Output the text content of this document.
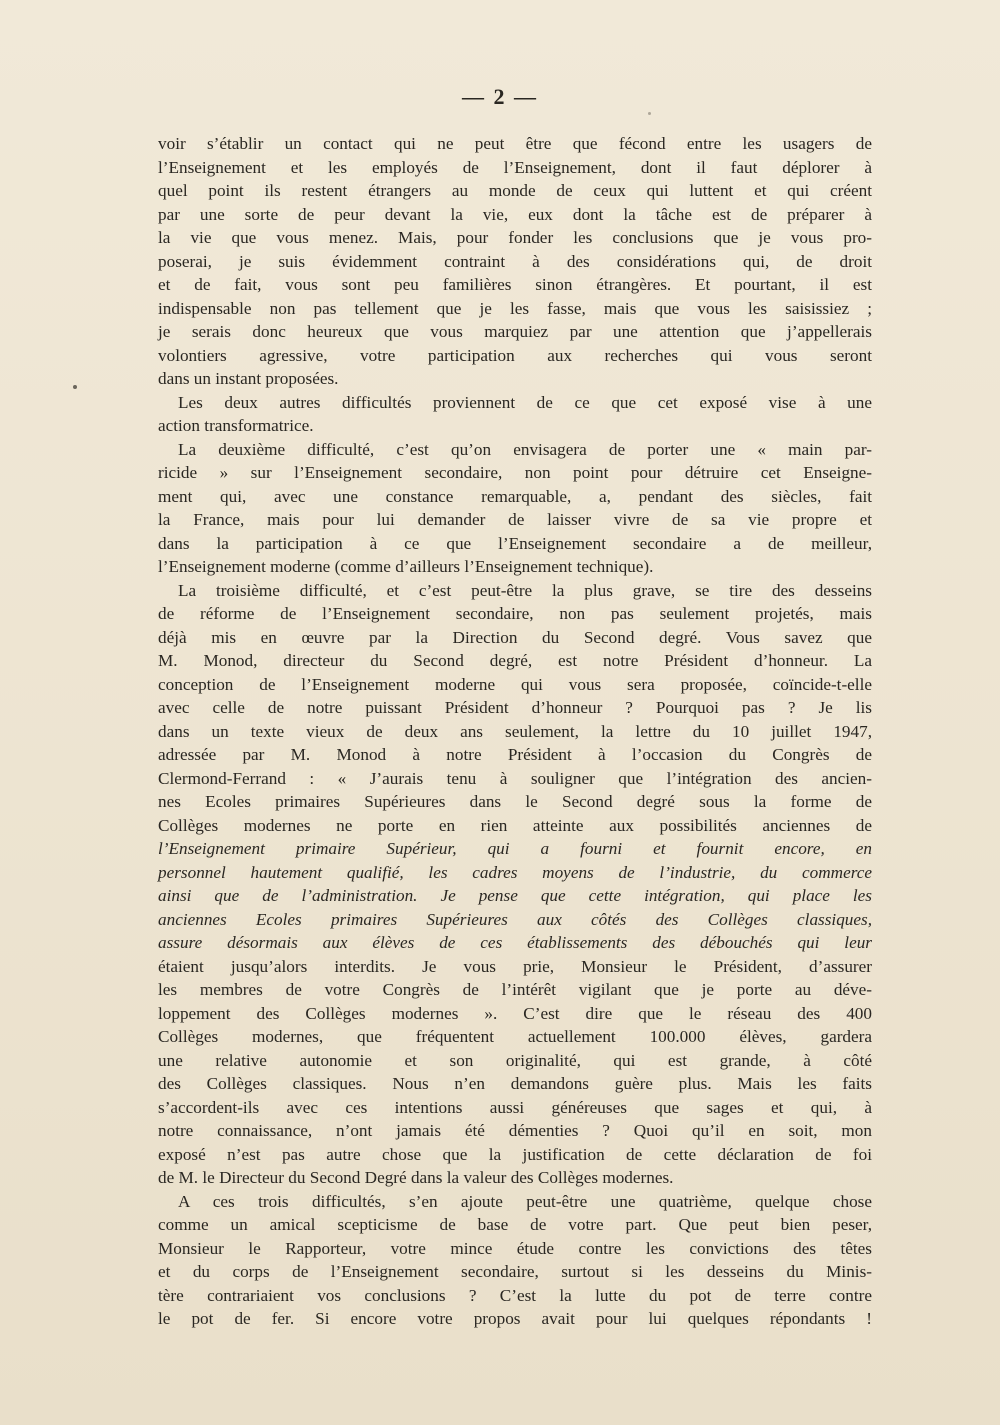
— 2 —

voir s’établir un contact qui ne peut être que fécond entre les usagers de

l’Enseignement et les employés de l’Enseignement, dont il faut déplorer à

quel point ils restent étrangers au monde de ceux qui luttent et qui créent

par une sorte de peur devant la vie, eux dont la tâche est de préparer à

la vie que vous menez. Mais, pour fonder les conclusions que je vous pro-

poserai, je suis évidemment contraint à des considérations qui, de droit

et de fait, vous sont peu familières sinon étrangères. Et pourtant, il est

indispensable non pas tellement que je les fasse, mais que vous les saisissiez ;

je serais donc heureux que vous marquiez par une attention que j’appellerais

volontiers agressive, votre participation aux recherches qui vous seront

dans un instant proposées.

Les deux autres difficultés proviennent de ce que cet exposé vise à une

action transformatrice.

La deuxième difficulté, c’est qu’on envisagera de porter une « main par-

ricide » sur l’Enseignement secondaire, non point pour détruire cet Enseigne-

ment qui, avec une constance remarquable, a, pendant des siècles, fait

la France, mais pour lui demander de laisser vivre de sa vie propre et

dans la participation à ce que l’Enseignement secondaire a de meilleur,

l’Enseignement moderne (comme d’ailleurs l’Enseignement technique).

La troisième difficulté, et c’est peut-être la plus grave, se tire des desseins

de réforme de l’Enseignement secondaire, non pas seulement projetés, mais

déjà mis en œuvre par la Direction du Second degré. Vous savez que

M. Monod, directeur du Second degré, est notre Président d’honneur. La

conception de l’Enseignement moderne qui vous sera proposée, coïncide-t-elle

avec celle de notre puissant Président d’honneur ? Pourquoi pas ? Je lis

dans un texte vieux de deux ans seulement, la lettre du 10 juillet 1947,

adressée par M. Monod à notre Président à l’occasion du Congrès de

Clermond-Ferrand : « J’aurais tenu à souligner que l’intégration des ancien-

nes Ecoles primaires Supérieures dans le Second degré sous la forme de

Collèges modernes ne porte en rien atteinte aux possibilités anciennes de

l’Enseignement primaire Supérieur, qui a fourni et fournit encore, en

personnel hautement qualifié, les cadres moyens de l’industrie, du commerce

ainsi que de l’administration. Je pense que cette intégration, qui place les

anciennes Ecoles primaires Supérieures aux côtés des Collèges classiques,

assure désormais aux élèves de ces établissements des débouchés qui leur

étaient jusqu’alors interdits. Je vous prie, Monsieur le Président, d’assurer

les membres de votre Congrès de l’intérêt vigilant que je porte au déve-

loppement des Collèges modernes ». C’est dire que le réseau des 400

Collèges modernes, que fréquentent actuellement 100.000 élèves, gardera

une relative autonomie et son originalité, qui est grande, à côté

des Collèges classiques. Nous n’en demandons guère plus. Mais les faits

s’accordent-ils avec ces intentions aussi généreuses que sages et qui, à

notre connaissance, n’ont jamais été démenties ? Quoi qu’il en soit, mon

exposé n’est pas autre chose que la justification de cette déclaration de foi

de M. le Directeur du Second Degré dans la valeur des Collèges modernes.

A ces trois difficultés, s’en ajoute peut-être une quatrième, quelque chose

comme un amical scepticisme de base de votre part. Que peut bien peser,

Monsieur le Rapporteur, votre mince étude contre les convictions des têtes

et du corps de l’Enseignement secondaire, surtout si les desseins du Minis-

tère contrariaient vos conclusions ? C’est la lutte du pot de terre contre

le pot de fer. Si encore votre propos avait pour lui quelques répondants !
